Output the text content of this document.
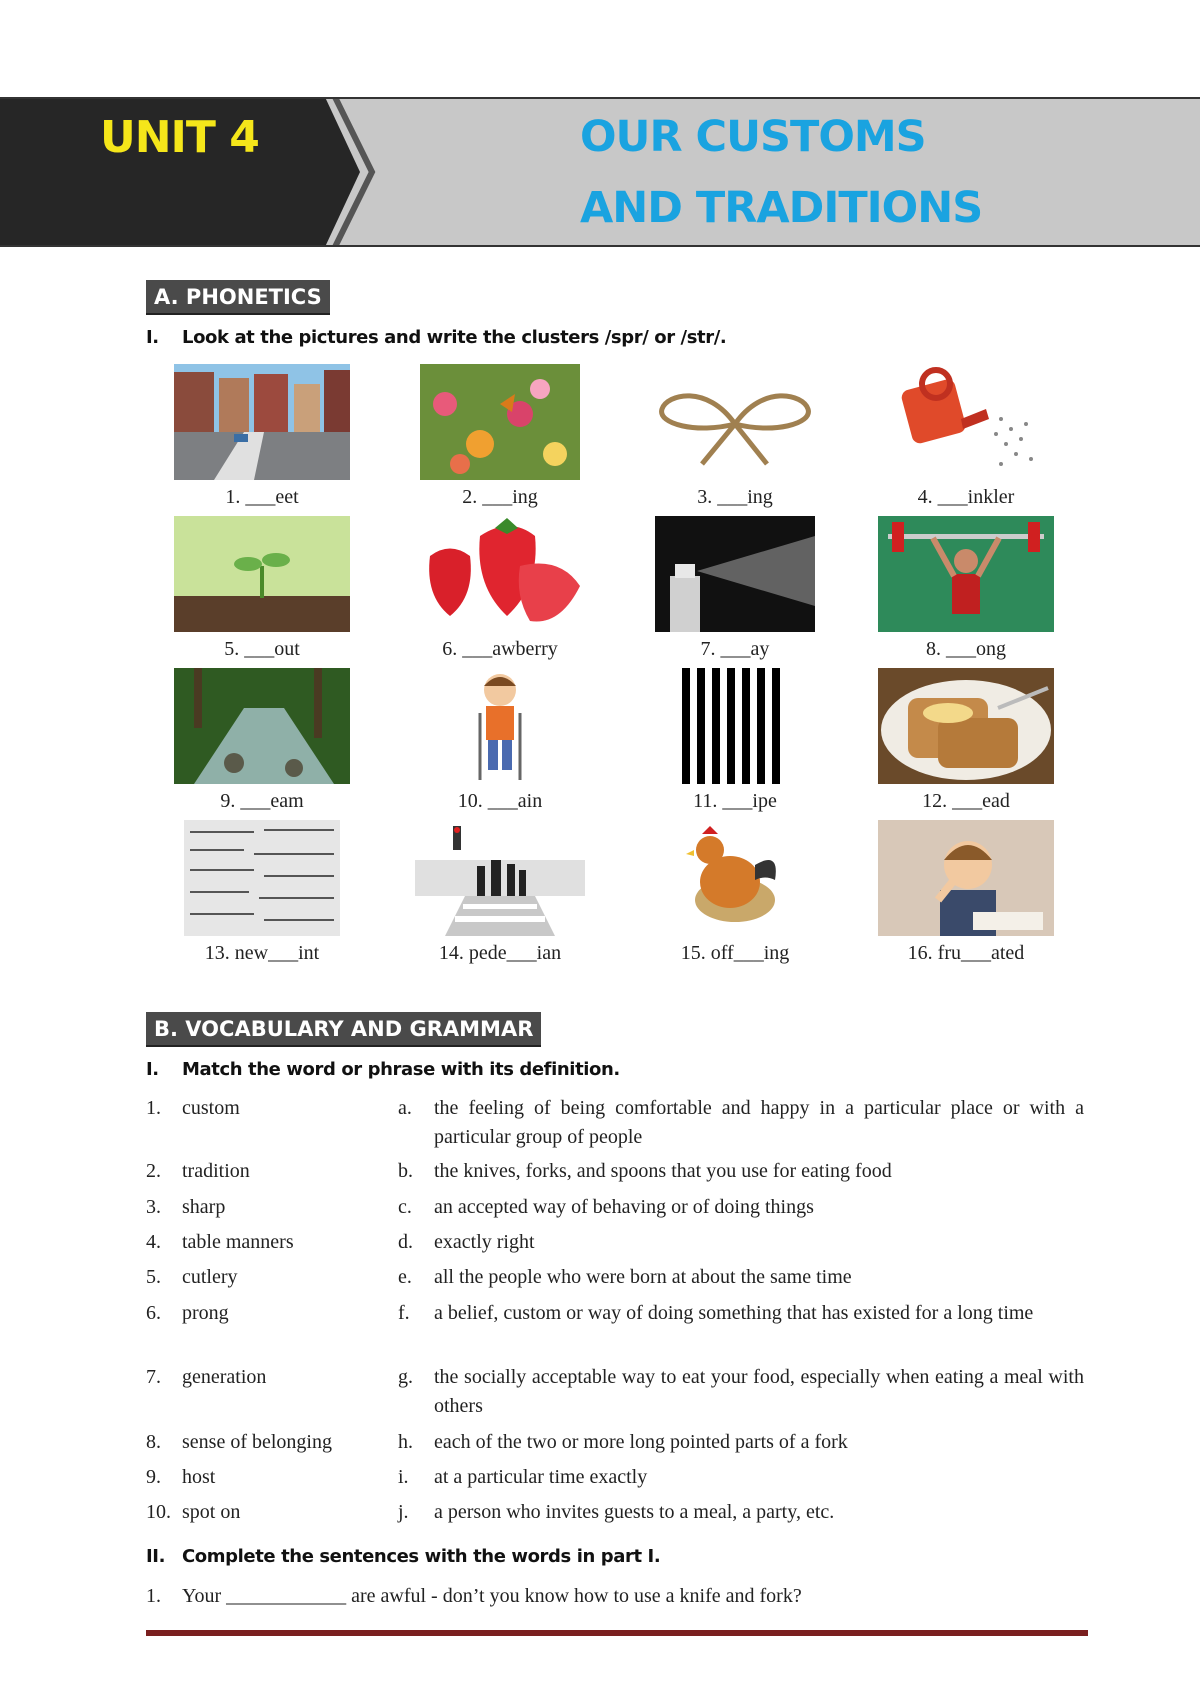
UNIT 4	OUR CUSTOMS
AND TRADITIONS
A. PHONETICS
I. Look at the pictures and write the clusters /spr/ or /str/.
1. ___eet	2. ___ing	3. ___ing	4. ___inkler
5. ___out	6. ___awberry	7. ___ay	8. ___ong
9. ___eam	10. ___ain	11. ___ipe	12. ___ead
13. new___int	14. pede___ian	15. off___ing	16. fru___ated
B. VOCABULARY AND GRAMMAR
I. Match the word or phrase with its definition.
1.	custom	a. the feeling of being comfortable and happy in a particular place or with a particular group of people
2.	tradition	b. the knives, forks, and spoons that you use for eating food
3.	sharp	c. an accepted way of behaving or of doing things
4.	table manners	d. exactly right
5.	cutlery	e. all the people who were born at about the same time
6.	prong	f. a belief, custom or way of doing something that has existed for a long time
7.	generation	g. the socially acceptable way to eat your food, especially when eating a meal with others
8.	sense of belonging	h. each of the two or more long pointed parts of a fork
9.	host	i. at a particular time exactly
10. spot on	j. a person who invites guests to a meal, a party, etc.
II. Complete the sentences with the words in part I.
1.	Your ____________ are awful - don’t you know how to use a knife and fork?
